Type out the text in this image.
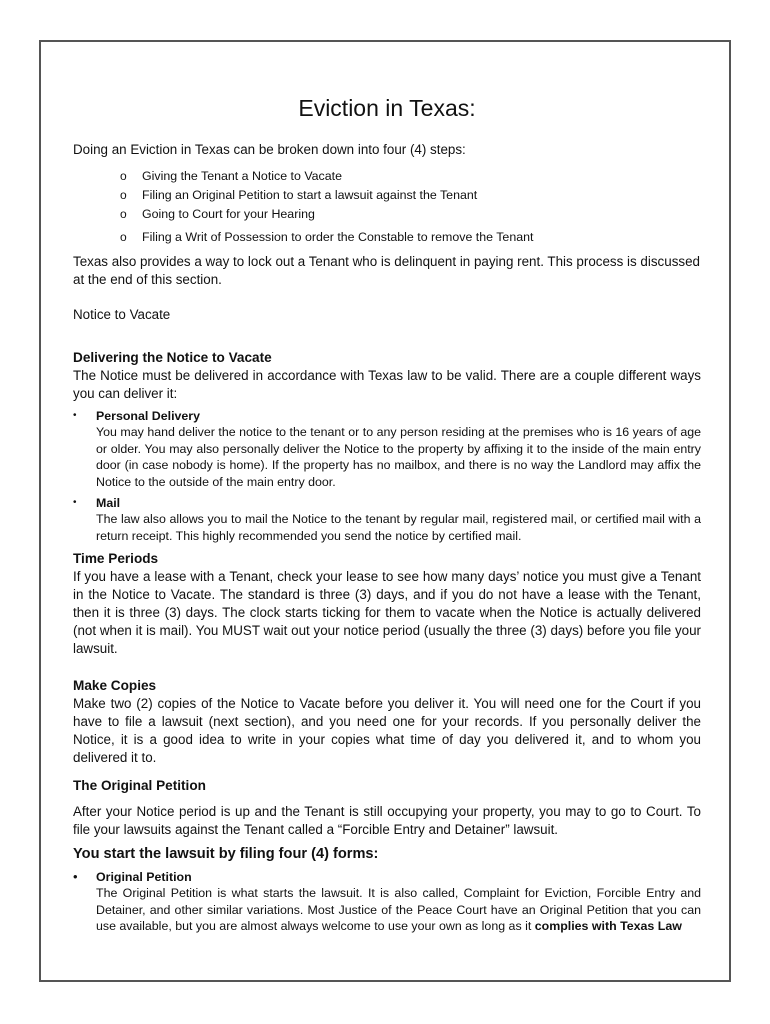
Eviction in Texas:

Doing an Eviction in Texas can be broken down into four (4) steps:

o Giving the Tenant a Notice to Vacate
o Filing an Original Petition to start a lawsuit against the Tenant
o Going to Court for your Hearing
o Filing a Writ of Possession to order the Constable to remove the Tenant

Texas also provides a way to lock out a Tenant who is delinquent in paying rent. This process is discussed at the end of this section.

Notice to Vacate

Delivering the Notice to Vacate

The Notice must be delivered in accordance with Texas law to be valid. There are a couple different ways you can deliver it:

• Personal Delivery
You may hand deliver the notice to the tenant or to any person residing at the premises who is 16 years of age or older. You may also personally deliver the Notice to the property by affixing it to the inside of the main entry door (in case nobody is home). If the property has no mailbox, and there is no way the Landlord may affix the Notice to the outside of the main entry door.
• Mail
The law also allows you to mail the Notice to the tenant by regular mail, registered mail, or certified mail with a return receipt. This highly recommended you send the notice by certified mail.

Time Periods

If you have a lease with a Tenant, check your lease to see how many days’ notice you must give a Tenant in the Notice to Vacate. The standard is three (3) days, and if you do not have a lease with the Tenant, then it is three (3) days. The clock starts ticking for them to vacate when the Notice is actually delivered (not when it is mail). You MUST wait out your notice period (usually the three (3) days) before you file your lawsuit.

Make Copies

Make two (2) copies of the Notice to Vacate before you deliver it. You will need one for the Court if you have to file a lawsuit (next section), and you need one for your records. If you personally deliver the Notice, it is a good idea to write in your copies what time of day you delivered it, and to whom you delivered it to.

The Original Petition

After your Notice period is up and the Tenant is still occupying your property, you may to go to Court. To file your lawsuits against the Tenant called a “Forcible Entry and Detainer” lawsuit.

You start the lawsuit by filing four (4) forms:

• Original Petition
The Original Petition is what starts the lawsuit. It is also called, Complaint for Eviction, Forcible Entry and Detainer, and other similar variations. Most Justice of the Peace Court have an Original Petition that you can use available, but you are almost always welcome to use your own as long as it complies with Texas Law
